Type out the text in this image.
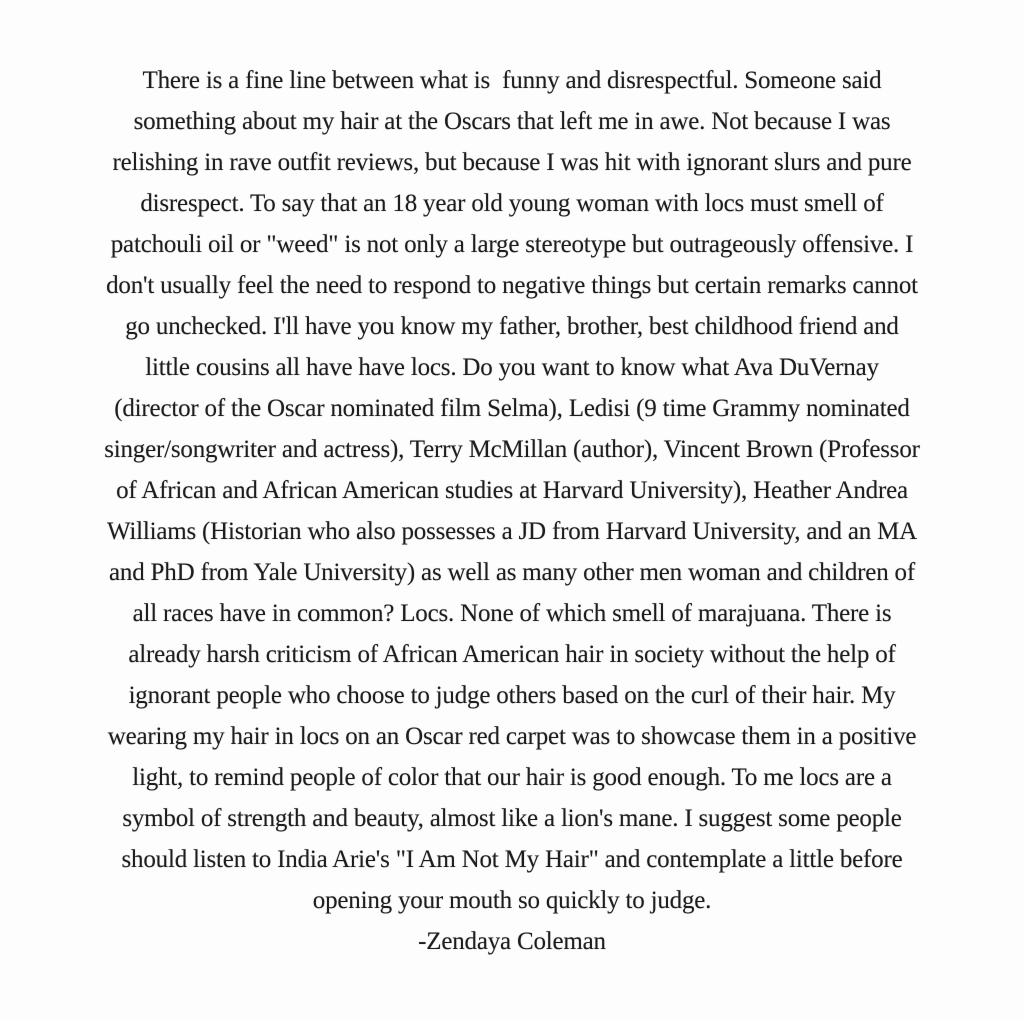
There is a fine line between what is  funny and disrespectful. Someone said

something about my hair at the Oscars that left me in awe. Not because I was

relishing in rave outfit reviews, but because I was hit with ignorant slurs and pure

disrespect. To say that an 18 year old young woman with locs must smell of

patchouli oil or "weed" is not only a large stereotype but outrageously offensive. I

don't usually feel the need to respond to negative things but certain remarks cannot

go unchecked. I'll have you know my father, brother, best childhood friend and

little cousins all have have locs. Do you want to know what Ava DuVernay

(director of the Oscar nominated film Selma), Ledisi (9 time Grammy nominated

singer/songwriter and actress), Terry McMillan (author), Vincent Brown (Professor

of African and African American studies at Harvard University), Heather Andrea

Williams (Historian who also possesses a JD from Harvard University, and an MA

and PhD from Yale University) as well as many other men woman and children of

all races have in common? Locs. None of which smell of marajuana. There is

already harsh criticism of African American hair in society without the help of

ignorant people who choose to judge others based on the curl of their hair. My

wearing my hair in locs on an Oscar red carpet was to showcase them in a positive

light, to remind people of color that our hair is good enough. To me locs are a

symbol of strength and beauty, almost like a lion's mane. I suggest some people

should listen to India Arie's "I Am Not My Hair" and contemplate a little before

opening your mouth so quickly to judge.

-Zendaya Coleman
